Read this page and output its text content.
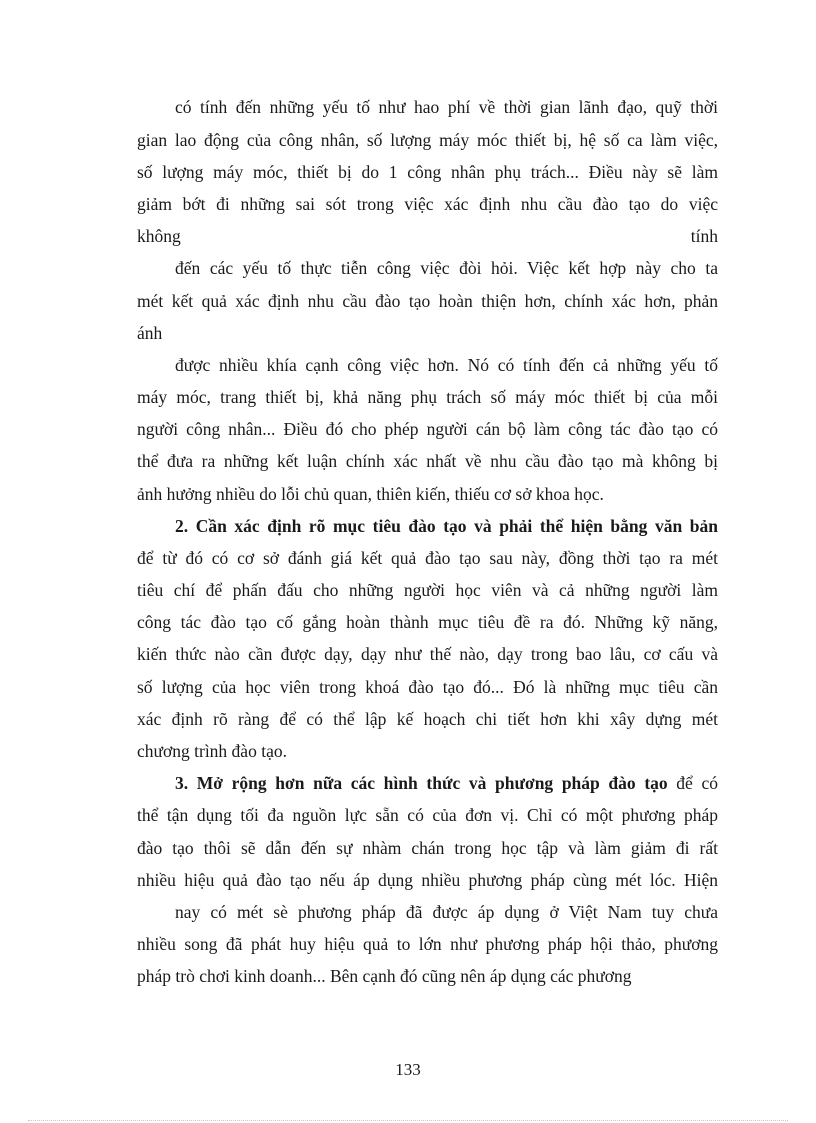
có tính đến những yếu tố như hao phí về thời gian lãnh đạo, quỹ thời
gian lao động của công nhân, số lượng máy móc thiết bị, hệ số ca làm việc,
số lượng máy móc, thiết bị do 1 công nhân phụ trách... Điều này sẽ làm
giảm bớt đi những sai sót trong việc xác định nhu cầu đào tạo do việc
không tính
đến các yếu tố thực tiễn công việc đòi hỏi. Việc kết hợp này cho ta
mét kết quả xác định nhu cầu đào tạo hoàn thiện hơn, chính xác hơn, phản
ánh
được nhiều khía cạnh công việc hơn. Nó có tính đến cả những yếu tố
máy móc, trang thiết bị, khả năng phụ trách số máy móc thiết bị của mỗi
người công nhân... Điều đó cho phép người cán bộ làm công tác đào tạo có
thể đưa ra những kết luận chính xác nhất về nhu cầu đào tạo mà không bị
ảnh hưởng nhiều do lỗi chủ quan, thiên kiến, thiếu cơ sở khoa học.
2. Cần xác định rõ mục tiêu đào tạo và phải thể hiện bằng văn bản
để từ đó có cơ sở đánh giá kết quả đào tạo sau này, đồng thời tạo ra mét
tiêu chí để phấn đấu cho những người học viên và cả những người làm
công tác đào tạo cố gắng hoàn thành mục tiêu đề ra đó. Những kỹ năng,
kiến thức nào cần được dạy, dạy như thế nào, dạy trong bao lâu, cơ cấu và
số lượng của học viên trong khoá đào tạo đó... Đó là những mục tiêu cần
xác định rõ ràng để có thể lập kế hoạch chi tiết hơn khi xây dựng mét
chương trình đào tạo.
3. Mở rộng hơn nữa các hình thức và phương pháp đào tạo để có
thể tận dụng tối đa nguồn lực sẵn có của đơn vị. Chỉ có một phương pháp
đào tạo thôi sẽ dẫn đến sự nhàm chán trong học tập và làm giảm đi rất
nhiều hiệu quả đào tạo nếu áp dụng nhiều phương pháp cùng mét lóc. Hiện
nay có mét sè phương pháp đã được áp dụng ở Việt Nam tuy chưa
nhiều song đã phát huy hiệu quả to lớn như phương pháp hội thảo, phương
pháp trò chơi kinh doanh... Bên cạnh đó cũng nên áp dụng các phương
133
